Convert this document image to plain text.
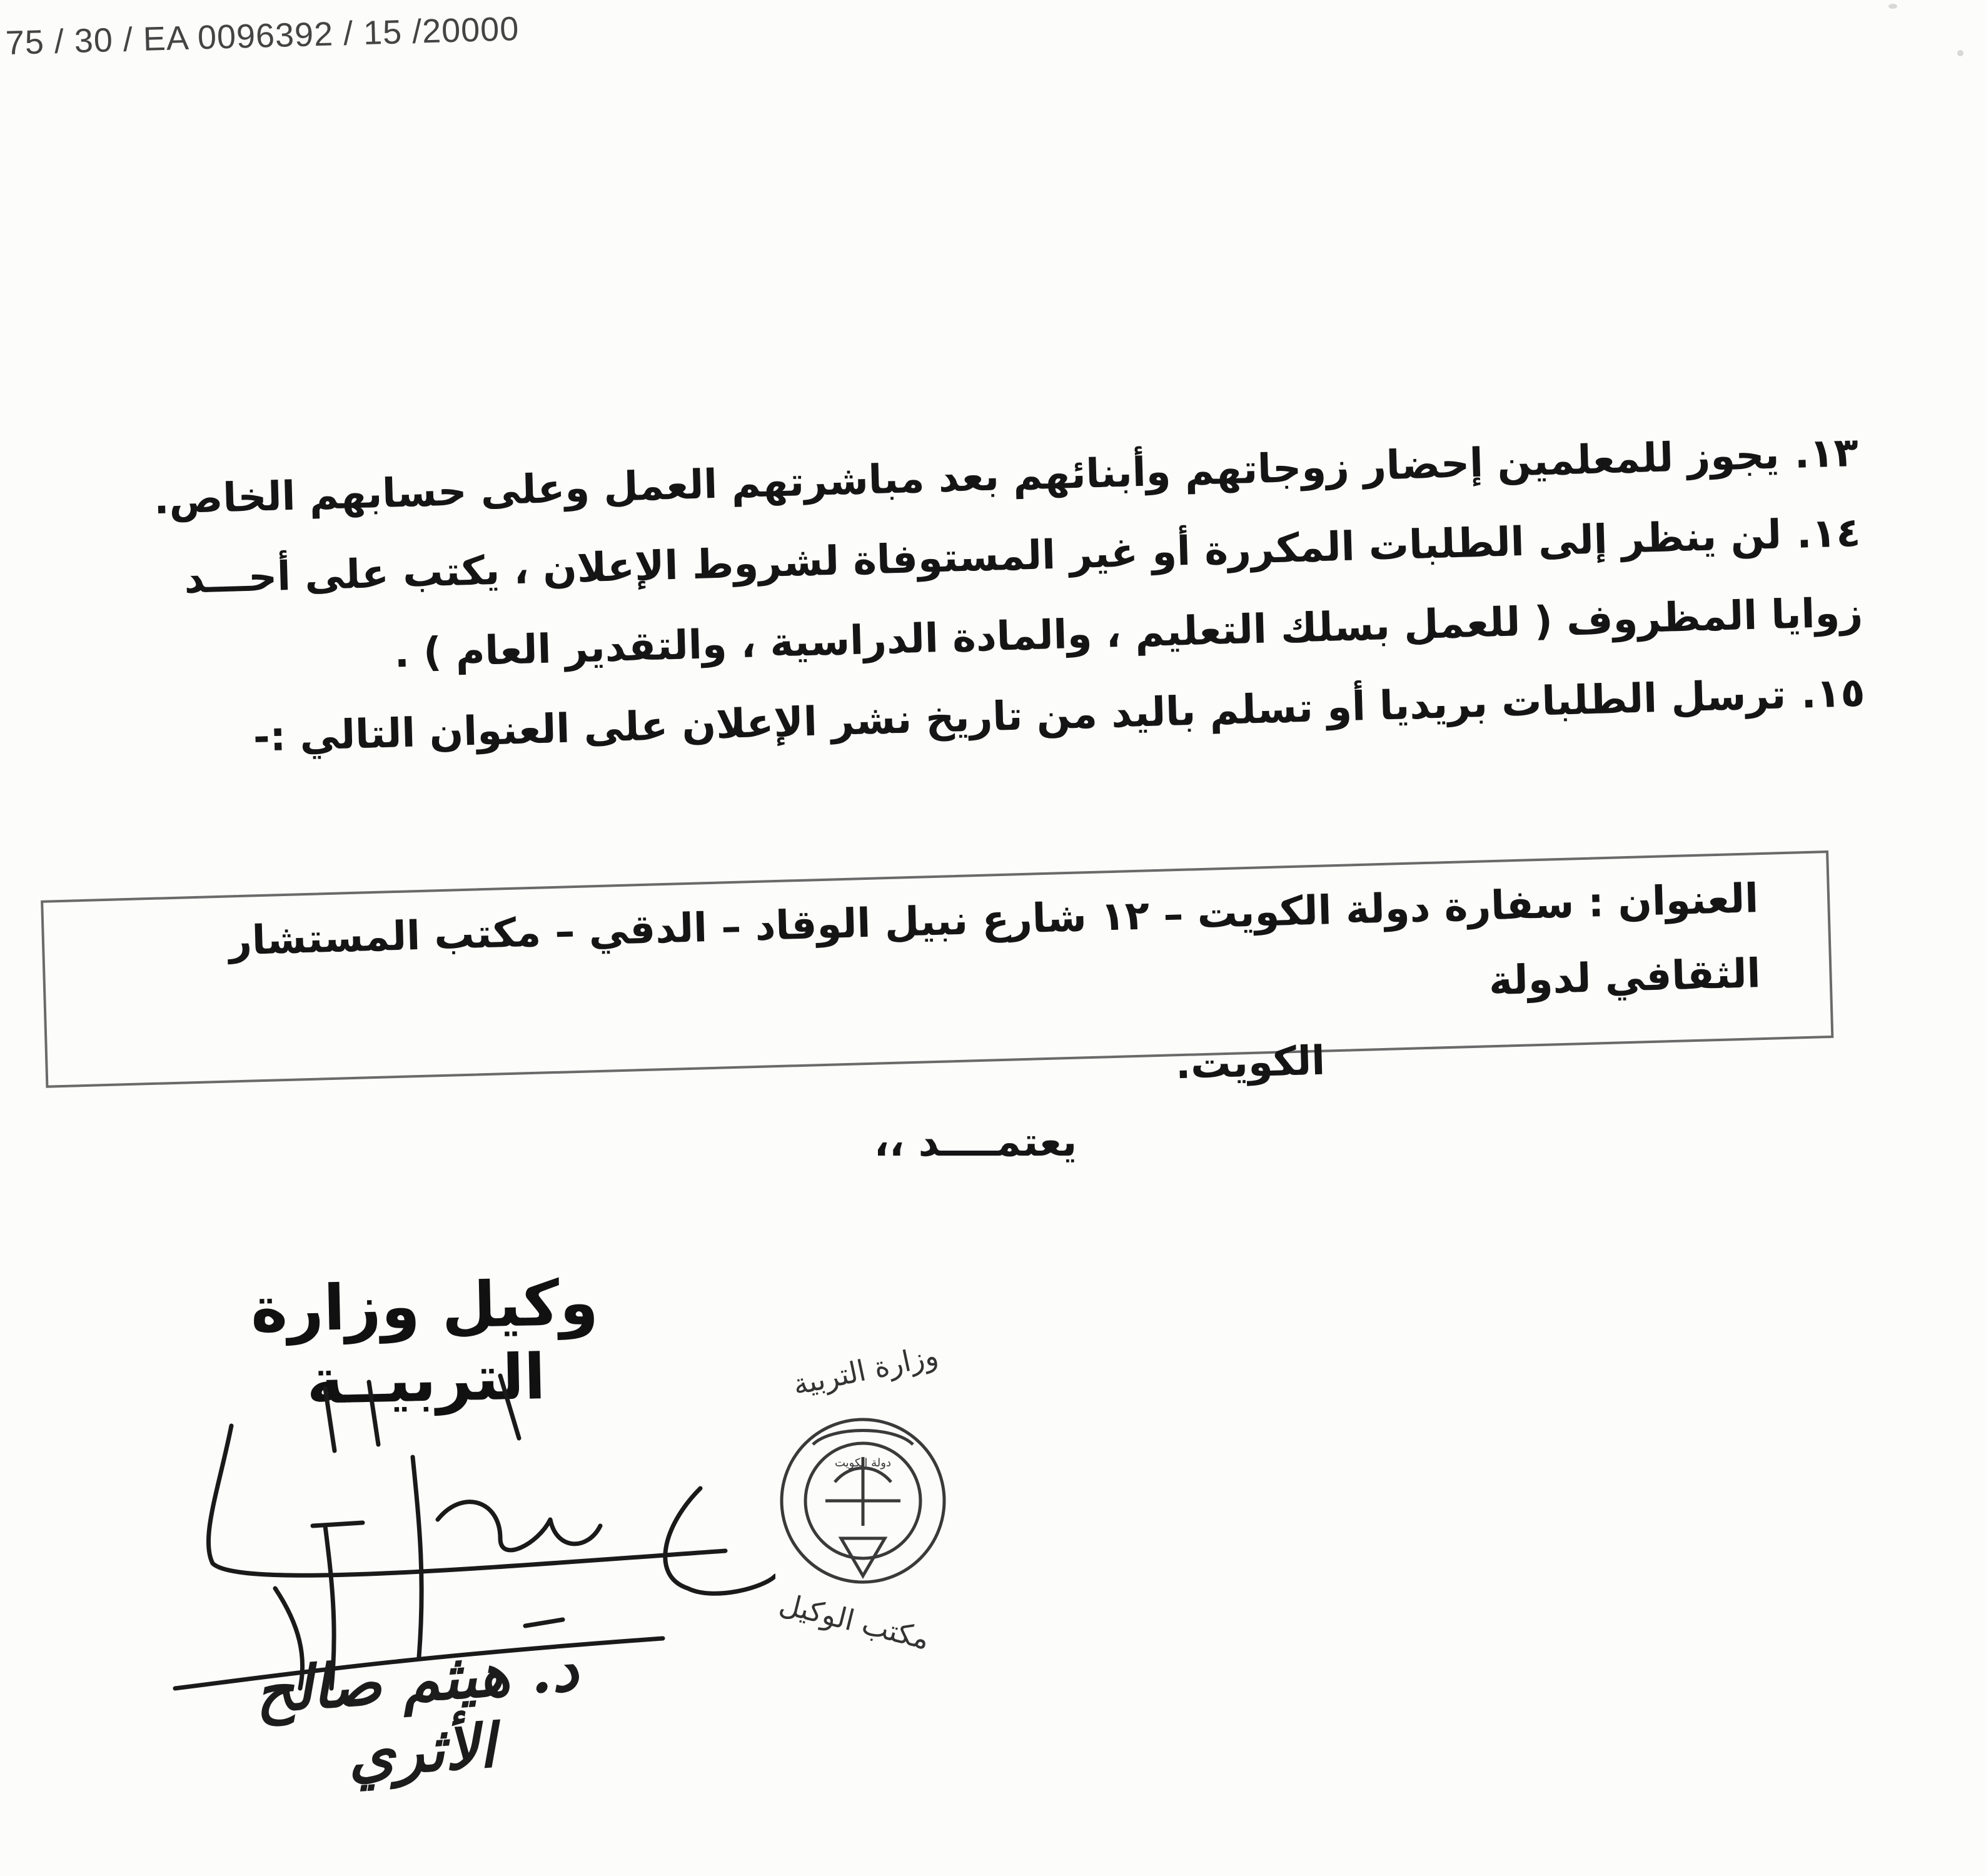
75 / 30 / EA 0096392 / 15 /20000
١٣.يجوز للمعلمين إحضار زوجاتهم وأبنائهم بعد مباشرتهم العمل وعلى حسابهم الخاص.
١٤.لن ينظر إلى الطلبات المكررة أو غير المستوفاة لشروط الإعلان ، يكتب على أحـــد زوايا المظروف ( للعمل بسلك التعليم ، والمادة الدراسية ، والتقدير العام ) .
١٥.ترسل الطلبات بريديا أو تسلم باليد من تاريخ نشر الإعلان على العنوان التالي :-
العنوان : سفارة دولة الكويت – ١٢ شارع نبيل الوقاد – الدقي – مكتب المستشار الثقافي لدولة
الكويت.
يعتمــــد ،،
وكيل وزارة التربيــة	وزارة التربية
دولة الكويت
مكتب الوكيل
د. هيثم صالح الأثري
